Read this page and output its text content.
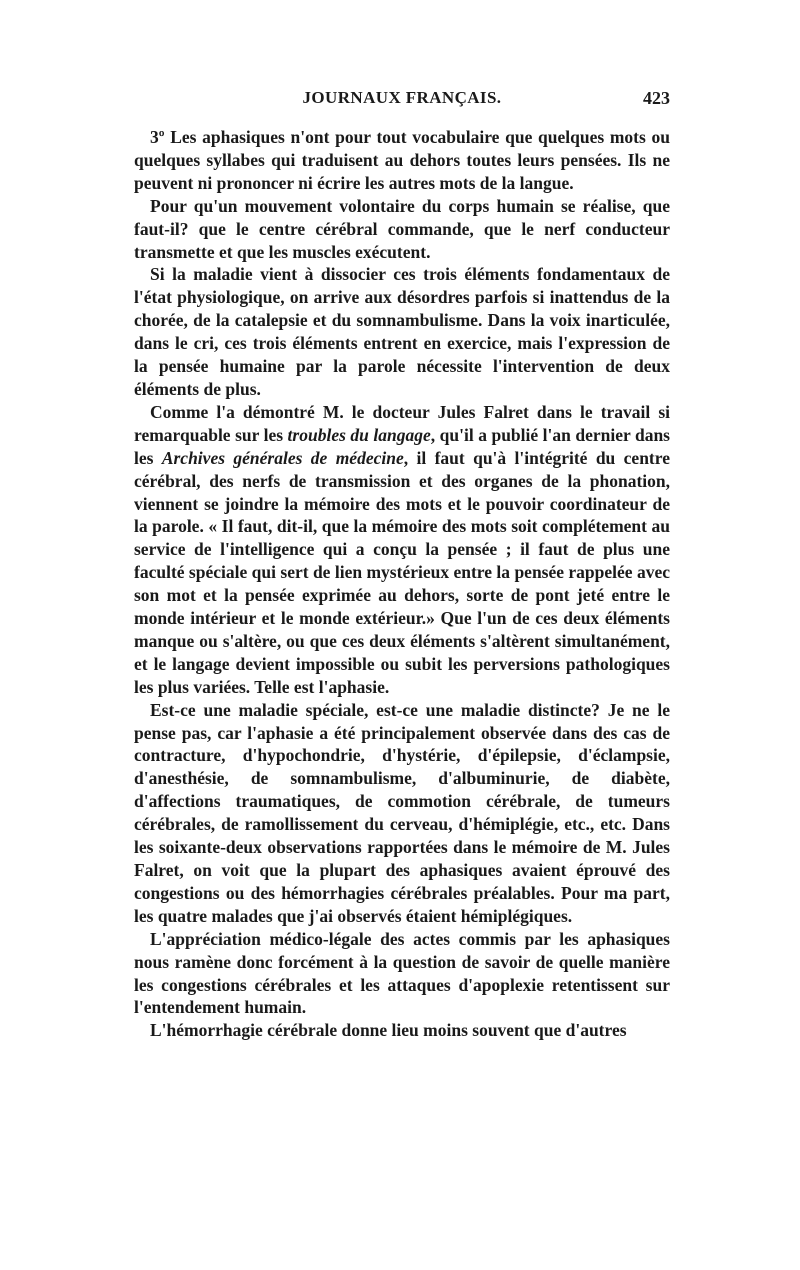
JOURNAUX FRANÇAIS.	423

3º Les aphasiques n'ont pour tout vocabulaire que quelques mots ou quelques syllabes qui traduisent au dehors toutes leurs pensées. Ils ne peuvent ni prononcer ni écrire les autres mots de la langue.

Pour qu'un mouvement volontaire du corps humain se réalise, que faut-il? que le centre cérébral commande, que le nerf conducteur transmette et que les muscles exécutent.

Si la maladie vient à dissocier ces trois éléments fondamentaux de l'état physiologique, on arrive aux désordres parfois si inattendus de la chorée, de la catalepsie et du somnambulisme. Dans la voix inarticulée, dans le cri, ces trois éléments entrent en exercice, mais l'expression de la pensée humaine par la parole nécessite l'intervention de deux éléments de plus.

Comme l'a démontré M. le docteur Jules Falret dans le travail si remarquable sur les troubles du langage, qu'il a publié l'an dernier dans les Archives générales de médecine, il faut qu'à l'intégrité du centre cérébral, des nerfs de transmission et des organes de la phonation, viennent se joindre la mémoire des mots et le pouvoir coordinateur de la parole. « Il faut, dit-il, que la mémoire des mots soit complétement au service de l'intelligence qui a conçu la pensée ; il faut de plus une faculté spéciale qui sert de lien mystérieux entre la pensée rappelée avec son mot et la pensée exprimée au dehors, sorte de pont jeté entre le monde intérieur et le monde extérieur.» Que l'un de ces deux éléments manque ou s'altère, ou que ces deux éléments s'altèrent simultanément, et le langage devient impossible ou subit les perversions pathologiques les plus variées. Telle est l'aphasie.

Est-ce une maladie spéciale, est-ce une maladie distincte? Je ne le pense pas, car l'aphasie a été principalement observée dans des cas de contracture, d'hypochondrie, d'hystérie, d'épilepsie, d'éclampsie, d'anesthésie, de somnambulisme, d'albuminurie, de diabète, d'affections traumatiques, de commotion cérébrale, de tumeurs cérébrales, de ramollissement du cerveau, d'hémiplégie, etc., etc. Dans les soixante-deux observations rapportées dans le mémoire de M. Jules Falret, on voit que la plupart des aphasiques avaient éprouvé des congestions ou des hémorrhagies cérébrales préalables. Pour ma part, les quatre malades que j'ai observés étaient hémiplégiques.

L'appréciation médico-légale des actes commis par les aphasiques nous ramène donc forcément à la question de savoir de quelle manière les congestions cérébrales et les attaques d'apoplexie retentissent sur l'entendement humain.

L'hémorrhagie cérébrale donne lieu moins souvent que d'autres
